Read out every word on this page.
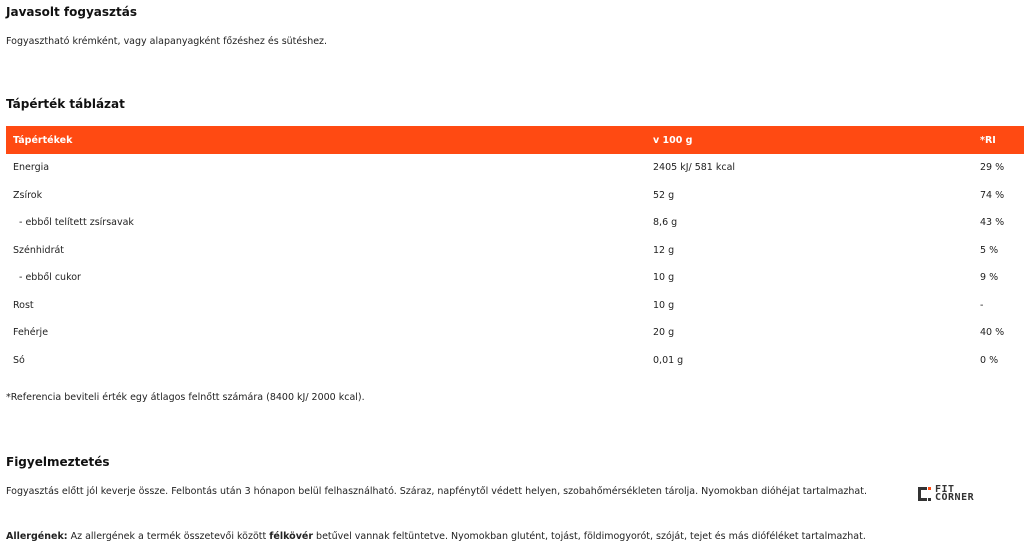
Javasolt fogyasztás

Fogyasztható krémként, vagy alapanyagként főzéshez és sütéshez.

Tápérték táblázat
Tápértékek	v 100 g	*RI
Energia	2405 kJ/ 581 kcal	29 %
Zsírok	52 g	74 %
- ebből telített zsírsavak	8,6 g	43 %
Szénhidrát	12 g	5 %
- ebből cukor	10 g	9 %
Rost	10 g	-
Fehérje	20 g	40 %
Só	0,01 g	0 %

*Referencia beviteli érték egy átlagos felnőtt számára (8400 kJ/ 2000 kcal).

Figyelmeztetés

Fogyasztás előtt jól keverje össze. Felbontás után 3 hónapon belül felhasználható. Száraz, napfénytől védett helyen, szobahőmérsékleten tárolja. Nyomokban dióhéjat tartalmazhat.	FIT
CORNER

Allergének: Az allergének a termék összetevői között félkövér betűvel vannak feltüntetve. Nyomokban glutént, tojást, földimogyorót, szóját, tejet és más dióféléket tartalmazhat.
